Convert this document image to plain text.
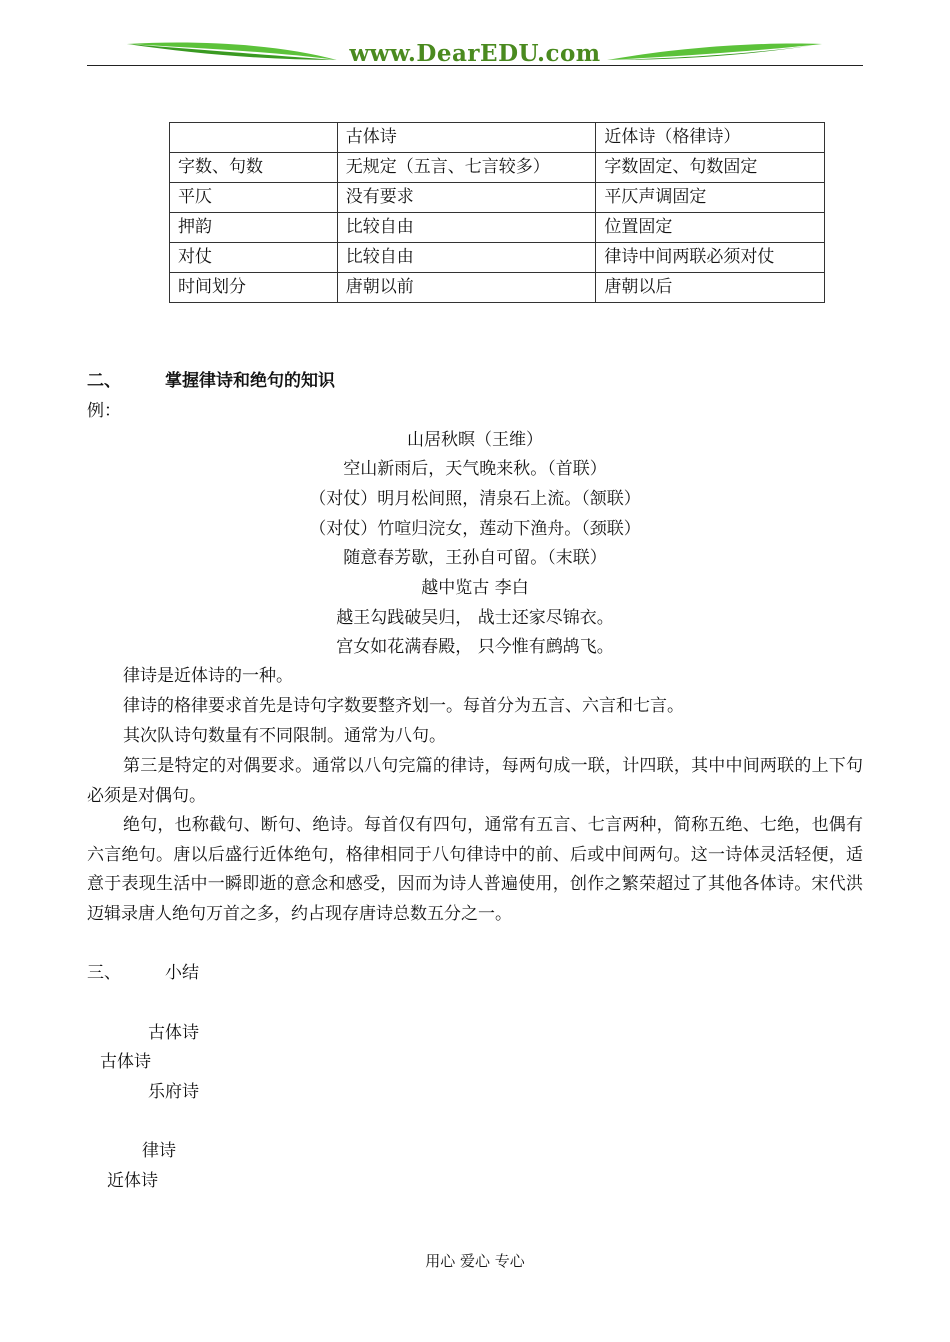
www.DearEDU.com
	古体诗	近体诗（格律诗）
字数、句数	无规定（五言、七言较多）	字数固定、句数固定
平仄	没有要求	平仄声调固定
押韵	比较自由	位置固定
对仗	比较自由	律诗中间两联必须对仗
时间划分	唐朝以前	唐朝以后
二、	掌握律诗和绝句的知识
例：
山居秋暝（王维）
空山新雨后，天气晚来秋。（首联）
（对仗）明月松间照，清泉石上流。（颔联）
（对仗）竹喧归浣女，莲动下渔舟。（颈联）
随意春芳歇，王孙自可留。（末联）
越中览古 李白
越王勾践破吴归， 战士还家尽锦衣。
宫女如花满春殿， 只今惟有鹧鸪飞。
律诗是近体诗的一种。
律诗的格律要求首先是诗句字数要整齐划一。每首分为五言、六言和七言。
其次队诗句数量有不同限制。通常为八句。
第三是特定的对偶要求。通常以八句完篇的律诗，每两句成一联，计四联，其中中间两联的上下句必须是对偶句。
绝句，也称截句、断句、绝诗。每首仅有四句，通常有五言、七言两种，简称五绝、七绝，也偶有六言绝句。唐以后盛行近体绝句，格律相同于八句律诗中的前、后或中间两句。这一诗体灵活轻便，适意于表现生活中一瞬即逝的意念和感受，因而为诗人普遍使用，创作之繁荣超过了其他各体诗。宋代洪迈辑录唐人绝句万首之多，约占现存唐诗总数五分之一。
三、	小结
古体诗
古体诗
乐府诗
律诗
近体诗
用心 爱心 专心
